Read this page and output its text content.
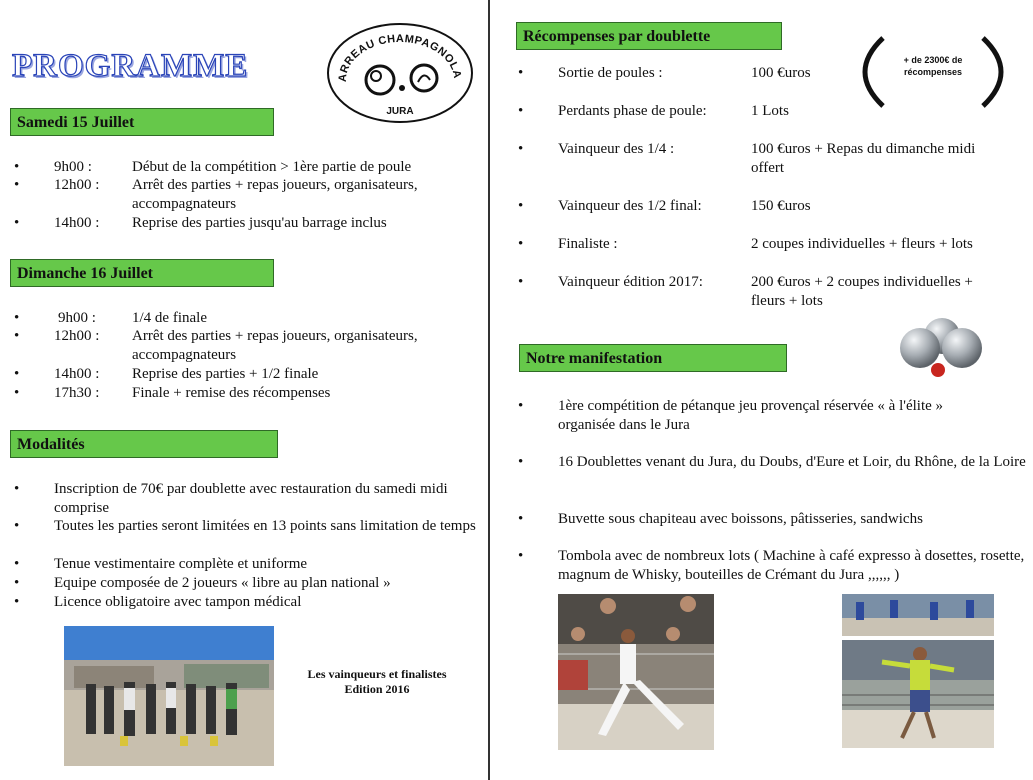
PROGRAMME	ARREAU CHAMPAGNOLA
JURA
Samedi 15 Juillet
• 9h00 :	Début de la compétition > 1ère partie de poule
• 12h00 : Arrêt des parties + repas joueurs, organisateurs, accompagnateurs
• 14h00 : Reprise des parties jusqu'au barrage inclus
Dimanche 16 Juillet
•	9h00 : 1/4 de finale
• 12h00 : Arrêt des parties + repas joueurs, organisateurs, accompagnateurs
• 14h00 : Reprise des parties + 1/2 finale
• 17h30 : Finale + remise des récompenses
Modalités
• Inscription de 70€ par doublette avec restauration du samedi midi comprise
• Toutes les parties seront limitées en 13 points sans limitation de temps
• Tenue vestimentaire complète et uniforme
• Equipe composée de 2 joueurs « libre au plan national »
• Licence obligatoire avec tampon médical
Les vainqueurs et finalistes
Edition 2016
Récompenses par doublette
+ de 2300€ de
récompenses
• Sortie de poules :	100 €uros
• Perdants phase de poule:	1 Lots
• Vainqueur des 1/4 :	100 €uros + Repas du dimanche midi offert
• Vainqueur des 1/2 final:	150 €uros
• Finaliste :	2 coupes individuelles + fleurs + lots
• Vainqueur édition 2017:	200 €uros + 2 coupes individuelles + fleurs + lots
Notre manifestation
• 1ère compétition de pétanque jeu provençal réservée « à l'élite » organisée dans le Jura
• 16 Doublettes venant du Jura, du Doubs, d'Eure et Loir, du Rhône, de la Loire
• Buvette sous chapiteau avec boissons, pâtisseries, sandwichs
• Tombola avec de nombreux lots ( Machine à café expresso à dosettes, rosette, magnum de Whisky, bouteilles de Crémant du Jura ,,,,,, )
